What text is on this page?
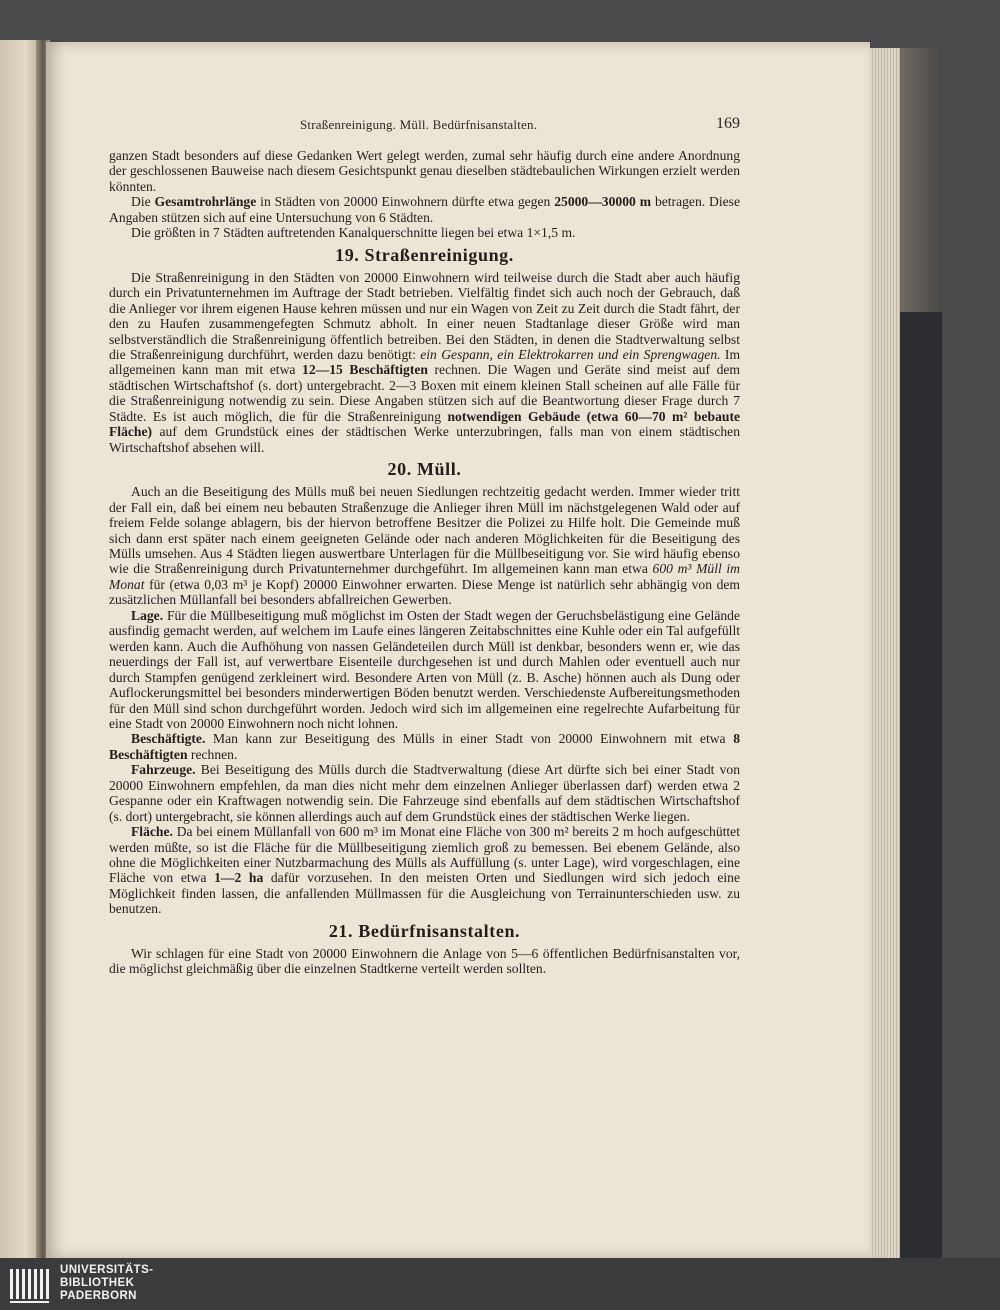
Straßenreinigung. Müll. Bedürfnisanstalten.	169

ganzen Stadt besonders auf diese Gedanken Wert gelegt werden, zumal sehr häufig durch eine andere Anordnung der geschlossenen Bauweise nach diesem Gesichtspunkt genau dieselben städtebaulichen Wirkungen erzielt werden könnten.

Die Gesamtrohrlänge in Städten von 20000 Einwohnern dürfte etwa gegen 25000—30000 m betragen. Diese Angaben stützen sich auf eine Untersuchung von 6 Städten.

Die größten in 7 Städten auftretenden Kanalquerschnitte liegen bei etwa 1×1,5 m.

19. Straßenreinigung.

Die Straßenreinigung in den Städten von 20000 Einwohnern wird teilweise durch die Stadt aber auch häufig durch ein Privatunternehmen im Auftrage der Stadt betrieben. Vielfältig findet sich auch noch der Gebrauch, daß die Anlieger vor ihrem eigenen Hause kehren müssen und nur ein Wagen von Zeit zu Zeit durch die Stadt fährt, der den zu Haufen zusammengefegten Schmutz abholt. In einer neuen Stadtanlage dieser Größe wird man selbstverständlich die Straßenreinigung öffentlich betreiben. Bei den Städten, in denen die Stadtverwaltung selbst die Straßenreinigung durchführt, werden dazu benötigt: ein Gespann, ein Elektrokarren und ein Sprengwagen. Im allgemeinen kann man mit etwa 12—15 Beschäftigten rechnen. Die Wagen und Geräte sind meist auf dem städtischen Wirtschaftshof (s. dort) untergebracht. 2—3 Boxen mit einem kleinen Stall scheinen auf alle Fälle für die Straßenreinigung notwendig zu sein. Diese Angaben stützen sich auf die Beantwortung dieser Frage durch 7 Städte. Es ist auch möglich, die für die Straßenreinigung notwendigen Gebäude (etwa 60—70 m² bebaute Fläche) auf dem Grundstück eines der städtischen Werke unterzubringen, falls man von einem städtischen Wirtschaftshof absehen will.

20. Müll.

Auch an die Beseitigung des Mülls muß bei neuen Siedlungen rechtzeitig gedacht werden. Immer wieder tritt der Fall ein, daß bei einem neu bebauten Straßenzuge die Anlieger ihren Müll im nächstgelegenen Wald oder auf freiem Felde solange ablagern, bis der hiervon betroffene Besitzer die Polizei zu Hilfe holt. Die Gemeinde muß sich dann erst später nach einem geeigneten Gelände oder nach anderen Möglichkeiten für die Beseitigung des Mülls umsehen. Aus 4 Städten liegen auswertbare Unterlagen für die Müllbeseitigung vor. Sie wird häufig ebenso wie die Straßenreinigung durch Privatunternehmer durchgeführt. Im allgemeinen kann man etwa 600 m³ Müll im Monat für (etwa 0,03 m³ je Kopf) 20000 Einwohner erwarten. Diese Menge ist natürlich sehr abhängig von dem zusätzlichen Müllanfall bei besonders abfallreichen Gewerben.

Lage. Für die Müllbeseitigung muß möglichst im Osten der Stadt wegen der Geruchsbelästigung eine Gelände ausfindig gemacht werden, auf welchem im Laufe eines längeren Zeitabschnittes eine Kuhle oder ein Tal aufgefüllt werden kann. Auch die Aufhöhung von nassen Geländeteilen durch Müll ist denkbar, besonders wenn er, wie das neuerdings der Fall ist, auf verwertbare Eisenteile durchgesehen ist und durch Mahlen oder eventuell auch nur durch Stampfen genügend zerkleinert wird. Besondere Arten von Müll (z. B. Asche) hönnen auch als Dung oder Auflockerungsmittel bei besonders minderwertigen Böden benutzt werden. Verschiedenste Aufbereitungsmethoden für den Müll sind schon durchgeführt worden. Jedoch wird sich im allgemeinen eine regelrechte Aufarbeitung für eine Stadt von 20000 Einwohnern noch nicht lohnen.

Beschäftigte. Man kann zur Beseitigung des Mülls in einer Stadt von 20000 Einwohnern mit etwa 8 Beschäftigten rechnen.

Fahrzeuge. Bei Beseitigung des Mülls durch die Stadtverwaltung (diese Art dürfte sich bei einer Stadt von 20000 Einwohnern empfehlen, da man dies nicht mehr dem einzelnen Anlieger überlassen darf) werden etwa 2 Gespanne oder ein Kraftwagen notwendig sein. Die Fahrzeuge sind ebenfalls auf dem städtischen Wirtschaftshof (s. dort) untergebracht, sie können allerdings auch auf dem Grundstück eines der städtischen Werke liegen.

Fläche. Da bei einem Müllanfall von 600 m³ im Monat eine Fläche von 300 m² bereits 2 m hoch aufgeschüttet werden müßte, so ist die Fläche für die Müllbeseitigung ziemlich groß zu bemessen. Bei ebenem Gelände, also ohne die Möglichkeiten einer Nutzbarmachung des Mülls als Auffüllung (s. unter Lage), wird vorgeschlagen, eine Fläche von etwa 1—2 ha dafür vorzusehen. In den meisten Orten und Siedlungen wird sich jedoch eine Möglichkeit finden lassen, die anfallenden Müllmassen für die Ausgleichung von Terrainunterschieden usw. zu benutzen.

21. Bedürfnisanstalten.

Wir schlagen für eine Stadt von 20000 Einwohnern die Anlage von 5—6 öffentlichen Bedürfnisanstalten vor, die möglichst gleichmäßig über die einzelnen Stadtkerne verteilt werden sollten.

UNIVERSITÄTS-
BIBLIOTHEK
PADERBORN
